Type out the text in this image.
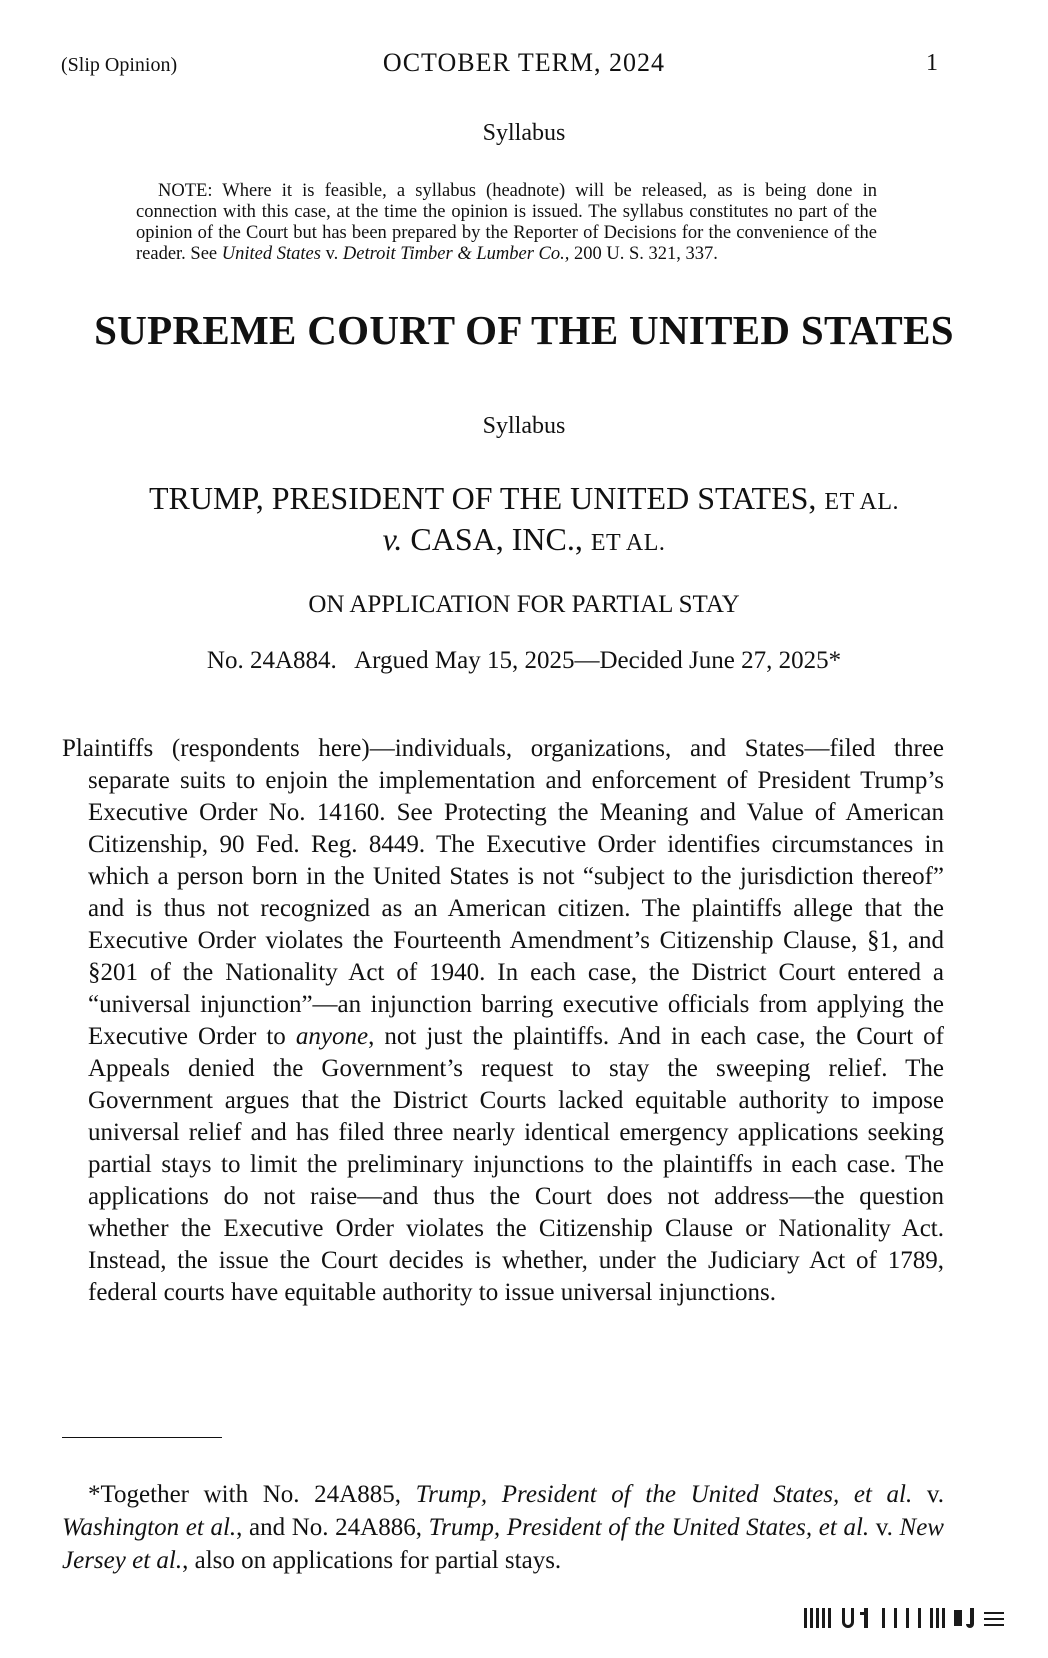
(Slip Opinion)	OCTOBER TERM, 2024	1
Syllabus
NOTE: Where it is feasible, a syllabus (headnote) will be released, as is being done in connection with this case, at the time the opinion is issued. The syllabus constitutes no part of the opinion of the Court but has been prepared by the Reporter of Decisions for the convenience of the reader. See United States v. Detroit Timber & Lumber Co., 200 U. S. 321, 337.
SUPREME COURT OF THE UNITED STATES
Syllabus
TRUMP, PRESIDENT OF THE UNITED STATES, ET AL.
v. CASA, INC., ET AL.
ON APPLICATION FOR PARTIAL STAY
No. 24A884.   Argued May 15, 2025—Decided June 27, 2025*
Plaintiffs (respondents here)—individuals, organizations, and States—filed three separate suits to enjoin the implementation and enforcement of President Trump’s Executive Order No. 14160. See Protecting the Meaning and Value of American Citizenship, 90 Fed. Reg. 8449. The Executive Order identifies circumstances in which a person born in the United States is not “subject to the jurisdiction thereof” and is thus not recognized as an American citizen. The plaintiffs allege that the Executive Order violates the Fourteenth Amendment’s Citizenship Clause, §1, and §201 of the Nationality Act of 1940. In each case, the District Court entered a “universal injunction”—an injunction barring executive officials from applying the Executive Order to anyone, not just the plaintiffs. And in each case, the Court of Appeals denied the Government’s request to stay the sweeping relief. The Government argues that the District Courts lacked equitable authority to impose universal relief and has filed three nearly identical emergency applications seeking partial stays to limit the preliminary injunctions to the plaintiffs in each case. The applications do not raise—and thus the Court does not address—the question whether the Executive Order violates the Citizenship Clause or Nationality Act. Instead, the issue the Court decides is whether, under the Judiciary Act of 1789, federal courts have equitable authority to issue universal injunctions.
*Together with No. 24A885, Trump, President of the United States, et al. v. Washington et al., and No. 24A886, Trump, President of the United States, et al. v. New Jersey et al., also on applications for partial stays.
